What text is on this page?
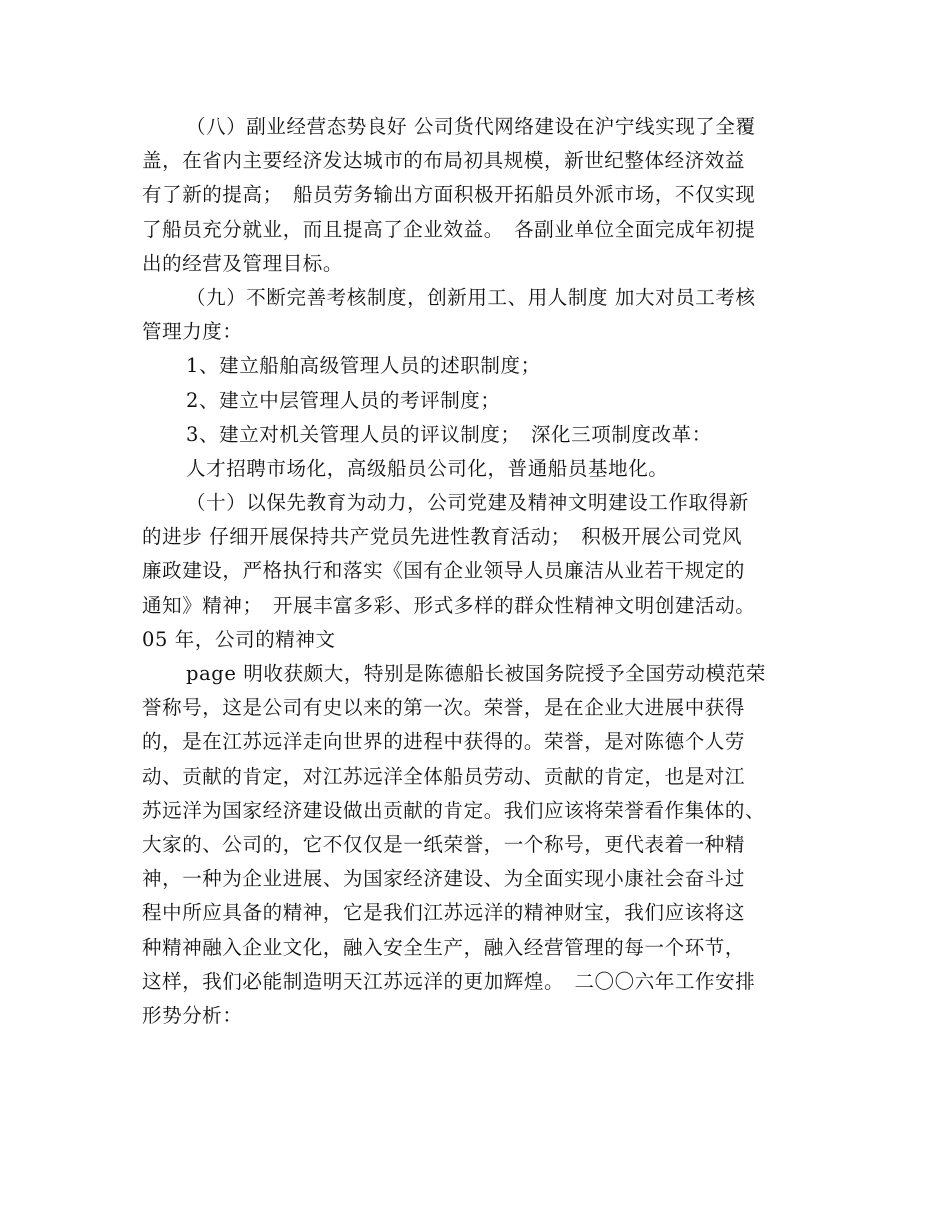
（八）副业经营态势良好 公司货代网络建设在沪宁线实现了全覆
盖，在省内主要经济发达城市的布局初具规模，新世纪整体经济效益
有了新的提高；　船员劳务输出方面积极开拓船员外派市场，不仅实现
了船员充分就业，而且提高了企业效益。　各副业单位全面完成年初提
出的经营及管理目标。
（九）不断完善考核制度，创新用工、用人制度 加大对员工考核
管理力度：
1、建立船舶高级管理人员的述职制度；
2、建立中层管理人员的考评制度；
3、建立对机关管理人员的评议制度；　深化三项制度改革：
人才招聘市场化，高级船员公司化，普通船员基地化。
（十）以保先教育为动力，公司党建及精神文明建设工作取得新
的进步 仔细开展保持共产党员先进性教育活动；　积极开展公司党风
廉政建设，严格执行和落实《国有企业领导人员廉洁从业若干规定的
通知》精神；　开展丰富多彩、形式多样的群众性精神文明创建活动。
05 年，公司的精神文
page 明收获颇大，特别是陈德船长被国务院授予全国劳动模范荣
誉称号，这是公司有史以来的第一次。荣誉，是在企业大进展中获得
的，是在江苏远洋走向世界的进程中获得的。荣誉，是对陈德个人劳
动、贡献的肯定，对江苏远洋全体船员劳动、贡献的肯定，也是对江
苏远洋为国家经济建设做出贡献的肯定。我们应该将荣誉看作集体的、
大家的、公司的，它不仅仅是一纸荣誉，一个称号，更代表着一种精
神，一种为企业进展、为国家经济建设、为全面实现小康社会奋斗过
程中所应具备的精神，它是我们江苏远洋的精神财宝，我们应该将这
种精神融入企业文化，融入安全生产，融入经营管理的每一个环节，
这样，我们必能制造明天江苏远洋的更加辉煌。　二〇〇六年工作安排
形势分析：
